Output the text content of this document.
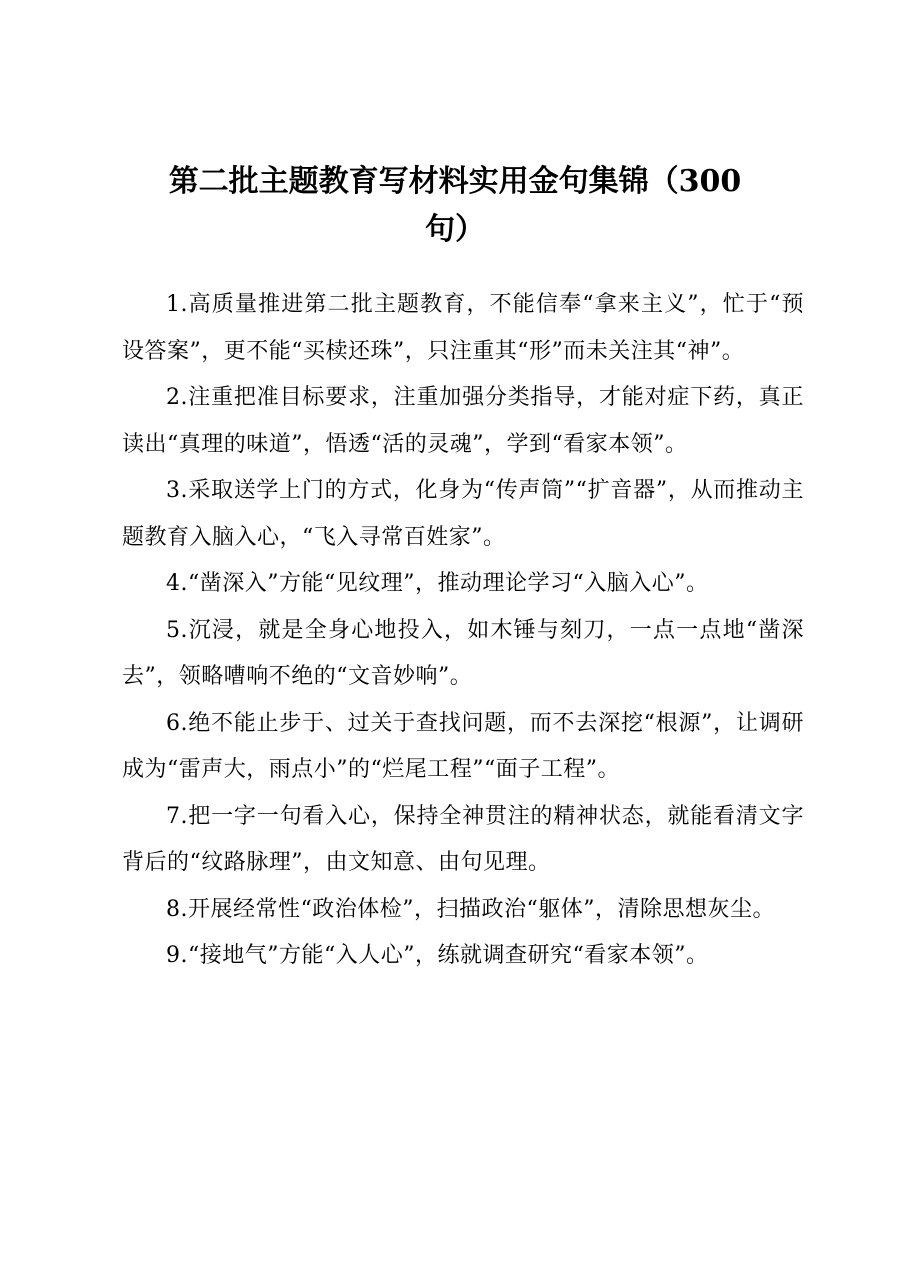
第二批主题教育写材料实用金句集锦（300
句）

1.高质量推进第二批主题教育，不能信奉“拿来主义”，忙于“预设答案”，更不能“买椟还珠”，只注重其“形”而未关注其“神”。

2.注重把准目标要求，注重加强分类指导，才能对症下药，真正读出“真理的味道”，悟透“活的灵魂”，学到“看家本领”。

3.采取送学上门的方式，化身为“传声筒”“扩音器”，从而推动主题教育入脑入心，“飞入寻常百姓家”。

4.“凿深入”方能“见纹理”，推动理论学习“入脑入心”。

5.沉浸，就是全身心地投入，如木锤与刻刀，一点一点地“凿深去”，领略嘈响不绝的“文音妙响”。

6.绝不能止步于、过关于查找问题，而不去深挖“根源”，让调研成为“雷声大，雨点小”的“烂尾工程”“面子工程”。

7.把一字一句看入心，保持全神贯注的精神状态，就能看清文字背后的“纹路脉理”，由文知意、由句见理。

8.开展经常性“政治体检”，扫描政治“躯体”，清除思想灰尘。

9.“接地气”方能“入人心”，练就调查研究“看家本领”。
